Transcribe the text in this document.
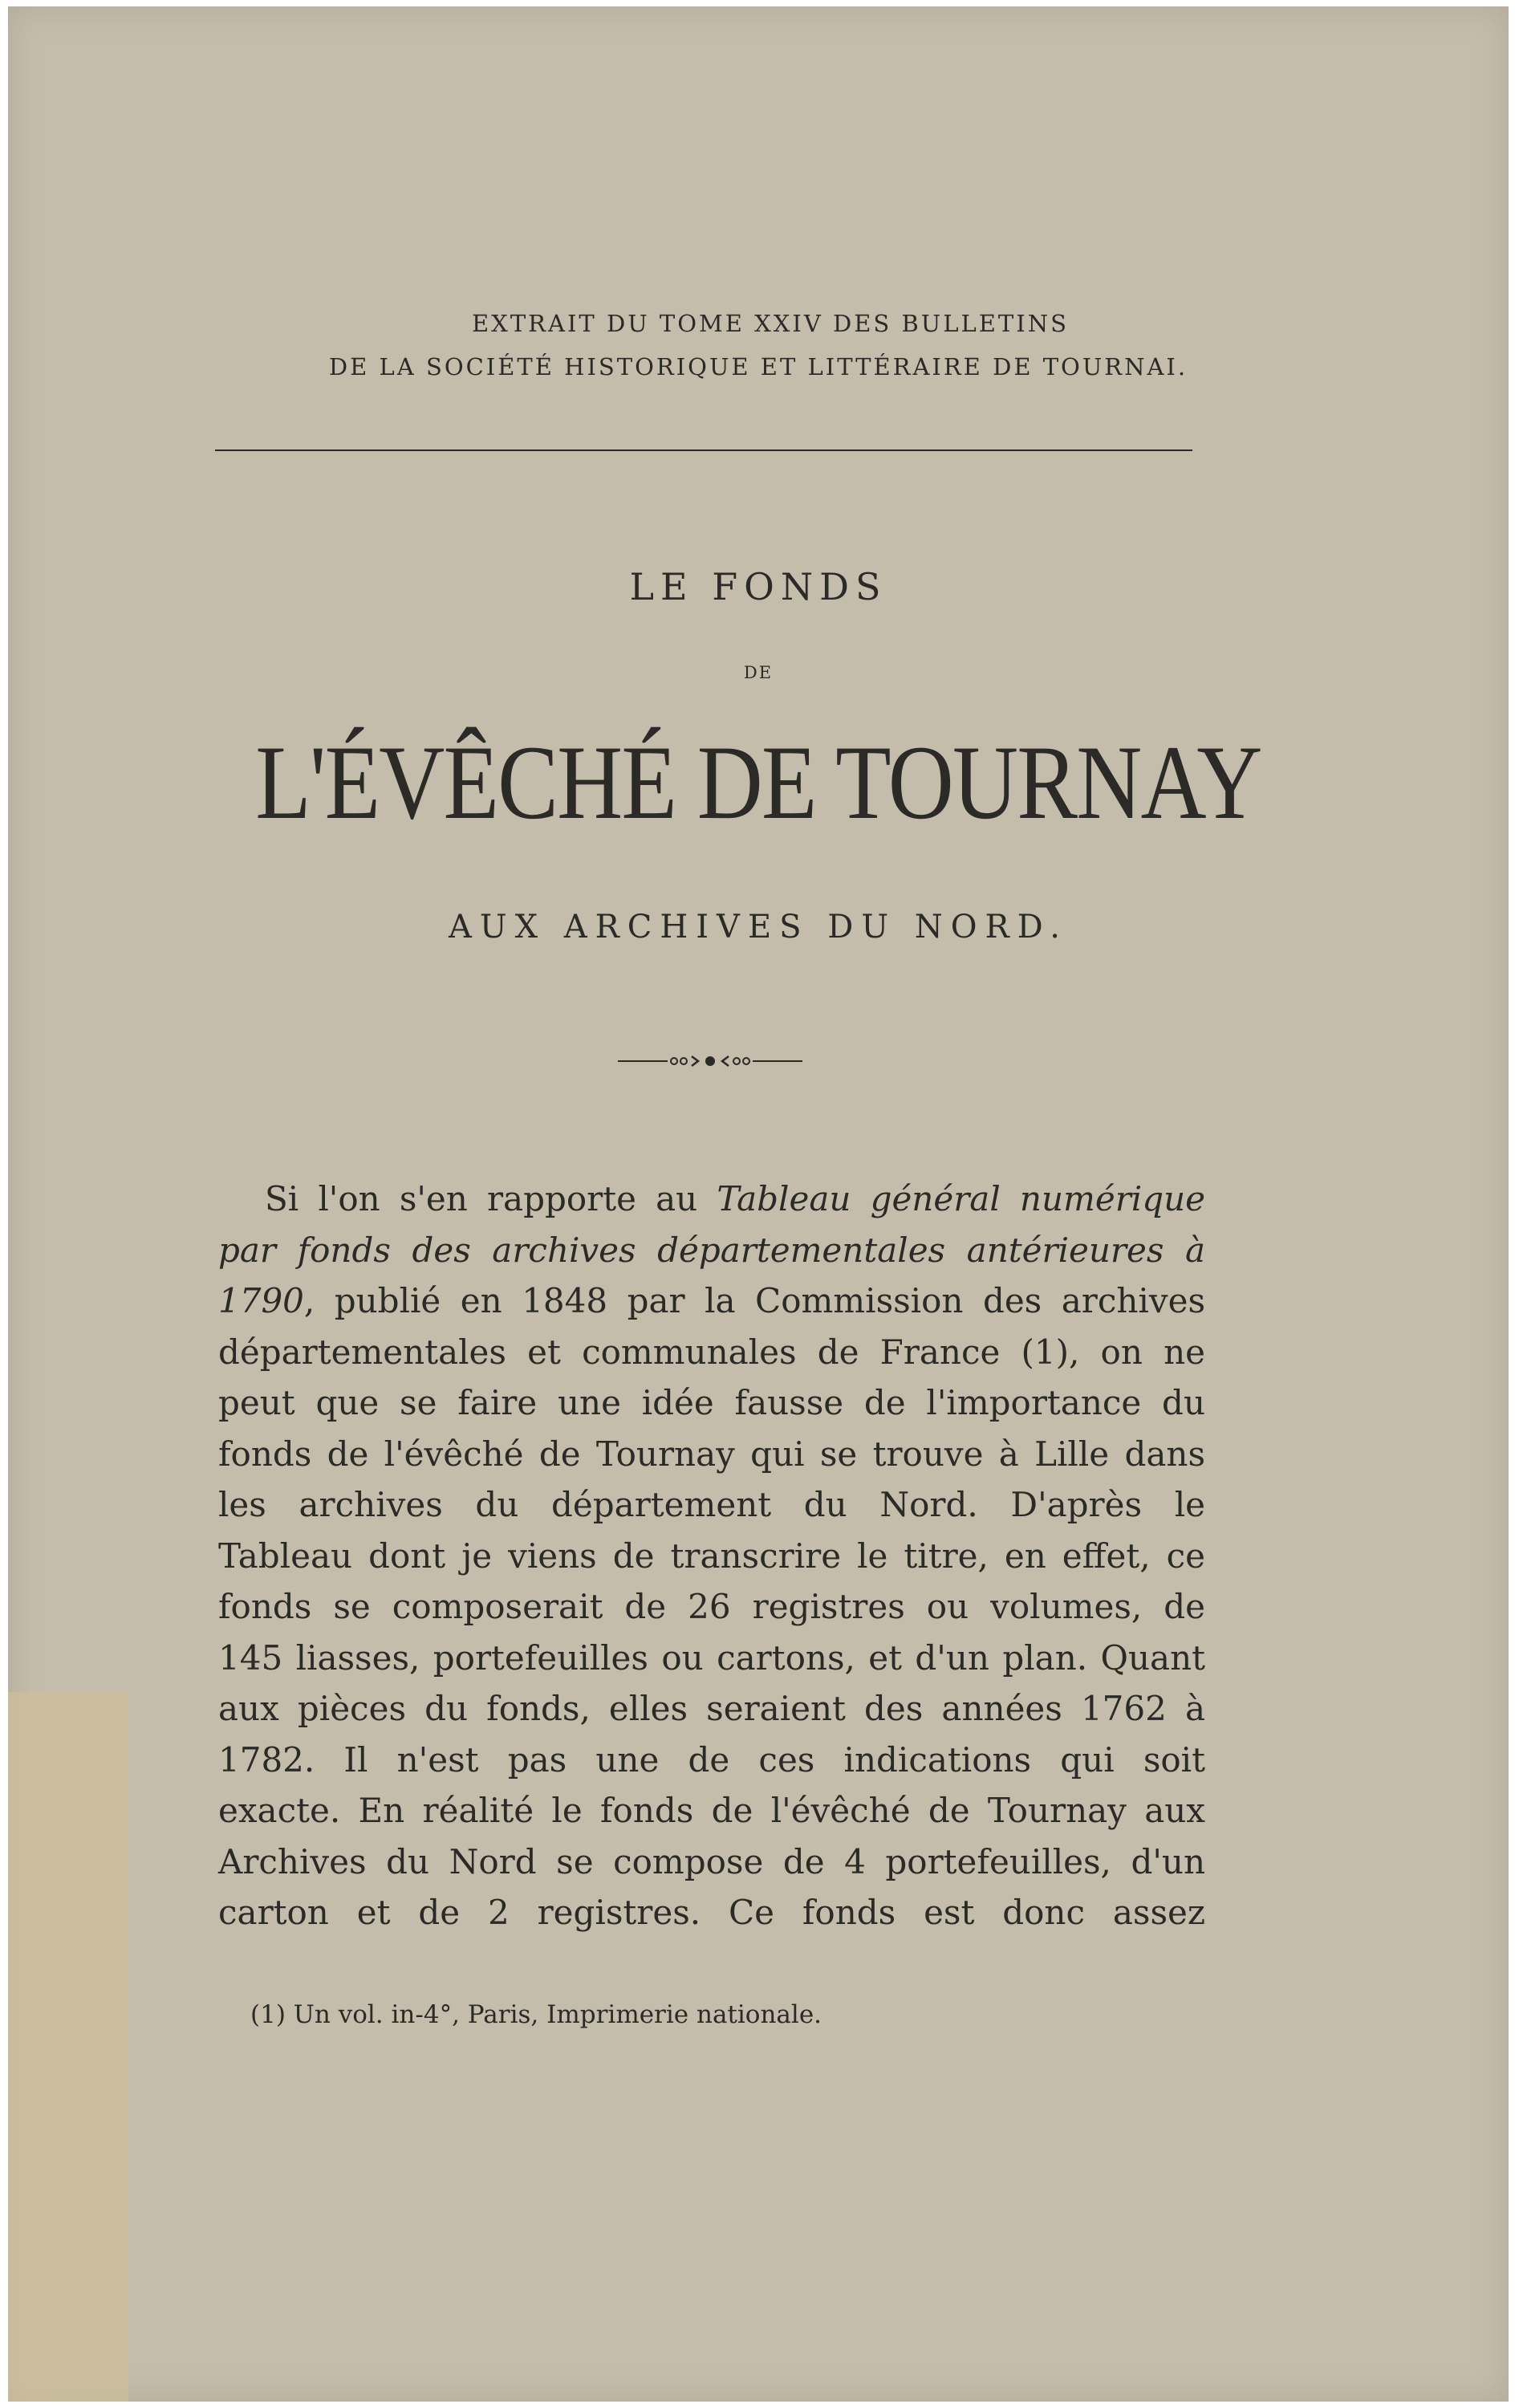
EXTRAIT DU TOME XXIV DES BULLETINS
DE LA SOCIÉTÉ HISTORIQUE ET LITTÉRAIRE DE TOURNAI.
LE FONDS
DE
L'ÉVÊCHÉ DE TOURNAY
AUX ARCHIVES DU NORD.
Si l'on s'en rapporte au Tableau général numérique
par fonds des archives départementales antérieures à
1790, publié en 1848 par la Commission des archives
départementales et communales de France (1), on ne
peut que se faire une idée fausse de l'importance du
fonds de l'évêché de Tournay qui se trouve à Lille dans
les archives du département du Nord. D'après le
Tableau dont je viens de transcrire le titre, en effet, ce
fonds se composerait de 26 registres ou volumes, de
145 liasses, portefeuilles ou cartons, et d'un plan. Quant
aux pièces du fonds, elles seraient des années 1762 à
1782. Il n'est pas une de ces indications qui soit
exacte. En réalité le fonds de l'évêché de Tournay aux
Archives du Nord se compose de 4 portefeuilles, d'un
carton et de 2 registres. Ce fonds est donc assez
(1) Un vol. in-4°, Paris, Imprimerie nationale.
